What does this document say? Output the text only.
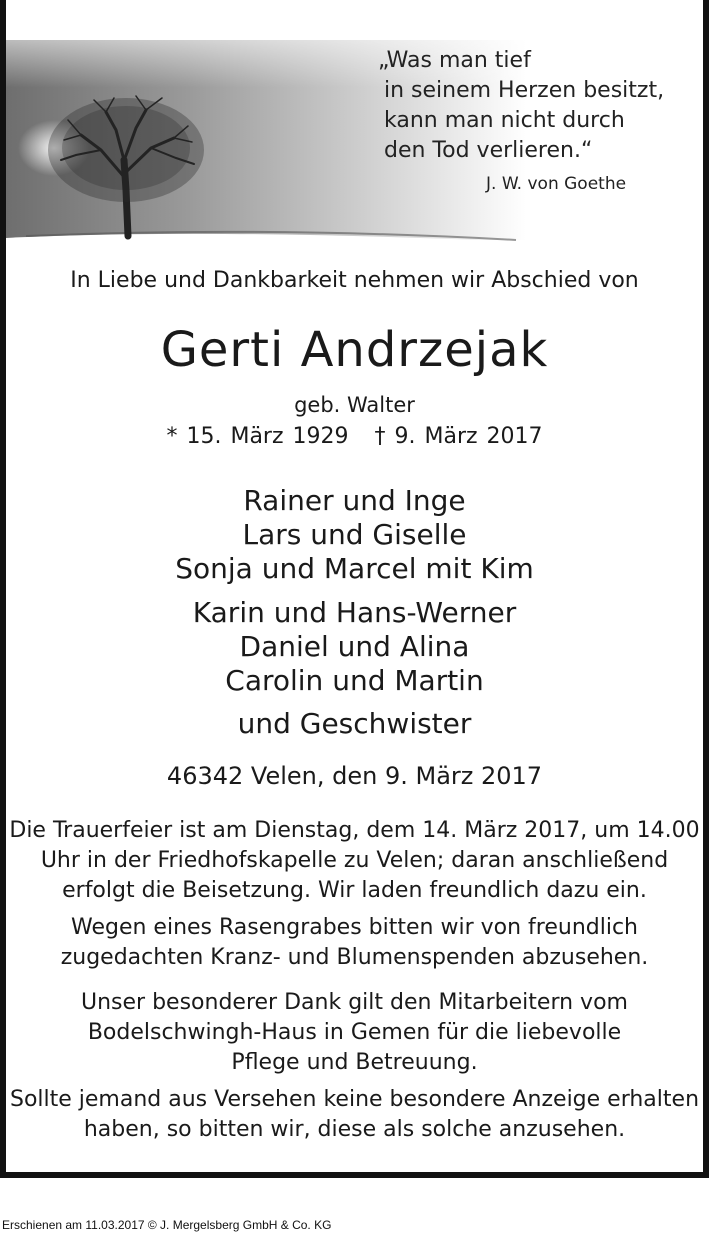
„Was man tief
in seinem Herzen besitzt,
kann man nicht durch
den Tod verlieren.“
J. W. von Goethe
In Liebe und Dankbarkeit nehmen wir Abschied von
Gerti Andrzejak
geb. Walter
* 15. März 1929 † 9. März 2017
Rainer und Inge
Lars und Giselle
Sonja und Marcel mit Kim
Karin und Hans-Werner
Daniel und Alina
Carolin und Martin
und Geschwister
46342 Velen, den 9. März 2017
Die Trauerfeier ist am Dienstag, dem 14. März 2017, um 14.00
Uhr in der Friedhofskapelle zu Velen; daran anschließend
erfolgt die Beisetzung. Wir laden freundlich dazu ein.
Wegen eines Rasengrabes bitten wir von freundlich
zugedachten Kranz- und Blumenspenden abzusehen.
Unser besonderer Dank gilt den Mitarbeitern vom
Bodelschwingh-Haus in Gemen für die liebevolle
Pflege und Betreuung.
Sollte jemand aus Versehen keine besondere Anzeige erhalten
haben, so bitten wir, diese als solche anzusehen.
Erschienen am 11.03.2017 © J. Mergelsberg GmbH & Co. KG
